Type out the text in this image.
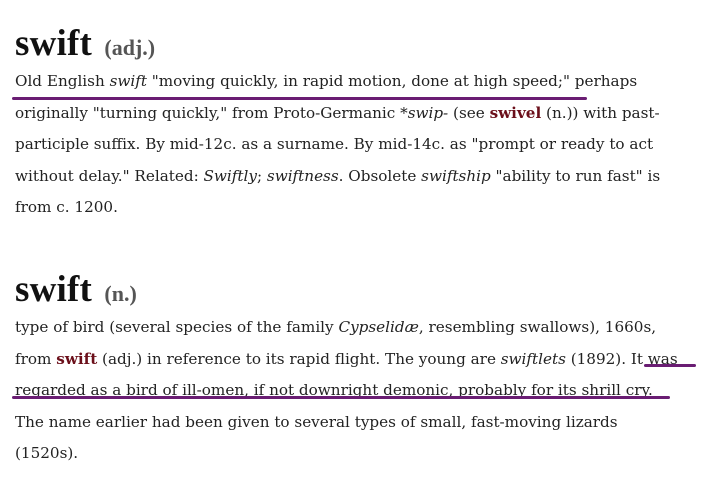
swift (adj.)
Old English swift "moving quickly, in rapid motion, done at high speed;" perhaps
originally "turning quickly," from Proto-Germanic *swip- (see swivel (n.)) with past-
participle suffix. By mid-12c. as a surname. By mid-14c. as "prompt or ready to act
without delay." Related: Swiftly; swiftness. Obsolete swiftship "ability to run fast" is
from c. 1200.
swift (n.)
type of bird (several species of the family Cypselidæ, resembling swallows), 1660s,
from swift (adj.) in reference to its rapid flight. The young are swiftlets (1892). It was
regarded as a bird of ill-omen, if not downright demonic, probably for its shrill cry.
The name earlier had been given to several types of small, fast-moving lizards
(1520s).
